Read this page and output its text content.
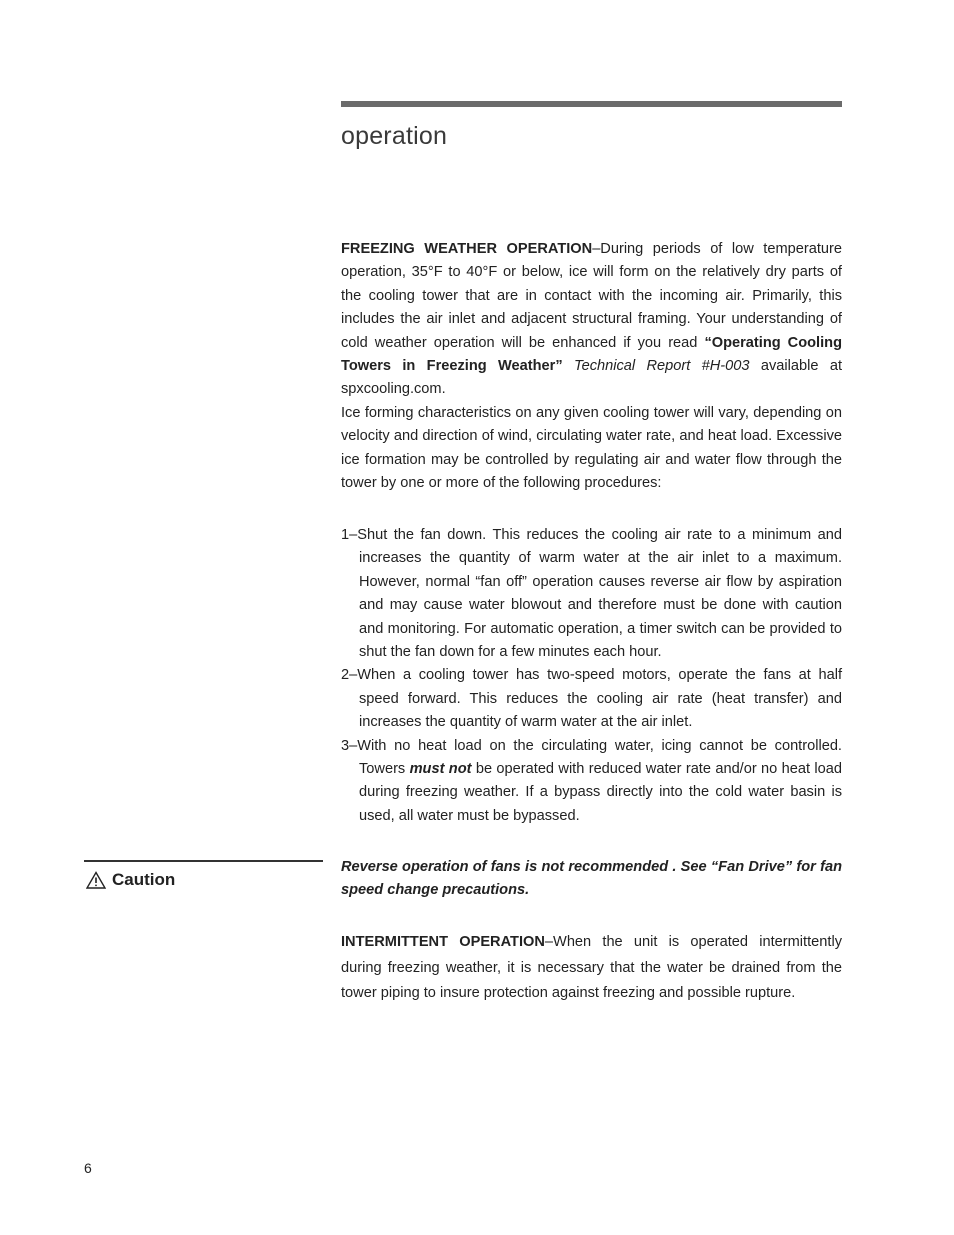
operation

FREEZING WEATHER OPERATION–During periods of low temperature operation, 35°F to 40°F or below, ice will form on the relatively dry parts of the cooling tower that are in contact with the incoming air. Primarily, this includes the air inlet and adjacent structural framing. Your understanding of cold weather operation will be enhanced if you read “Operating Cooling Towers in Freezing Weather” Technical Report #H-003 available at spxcooling.com.

Ice forming characteristics on any given cooling tower will vary, depending on velocity and direction of wind, circulating water rate, and heat load. Excessive ice formation may be controlled by regulating air and water flow through the tower by one or more of the following procedures:

1–Shut the fan down. This reduces the cooling air rate to a minimum and increases the quantity of warm water at the air inlet to a maximum. However, normal “fan off” operation causes reverse air flow by aspiration and may cause water blowout and therefore must be done with caution and monitoring. For automatic operation, a timer switch can be provided to shut the fan down for a few minutes each hour.

2–When a cooling tower has two-speed motors, operate the fans at half speed forward. This reduces the cooling air rate (heat transfer) and increases the quantity of warm water at the air inlet.

3–With no heat load on the circulating water, icing cannot be controlled. Towers must not be operated with reduced water rate and/or no heat load during freezing weather. If a bypass directly into the cold water basin is used, all water must be bypassed.

Caution

Reverse operation of fans is not recommended . See “Fan Drive” for fan speed change precautions.

INTERMITTENT OPERATION–When the unit is operated intermittently during freezing weather, it is necessary that the water be drained from the tower piping to insure protection against freezing and possible rupture.

6
